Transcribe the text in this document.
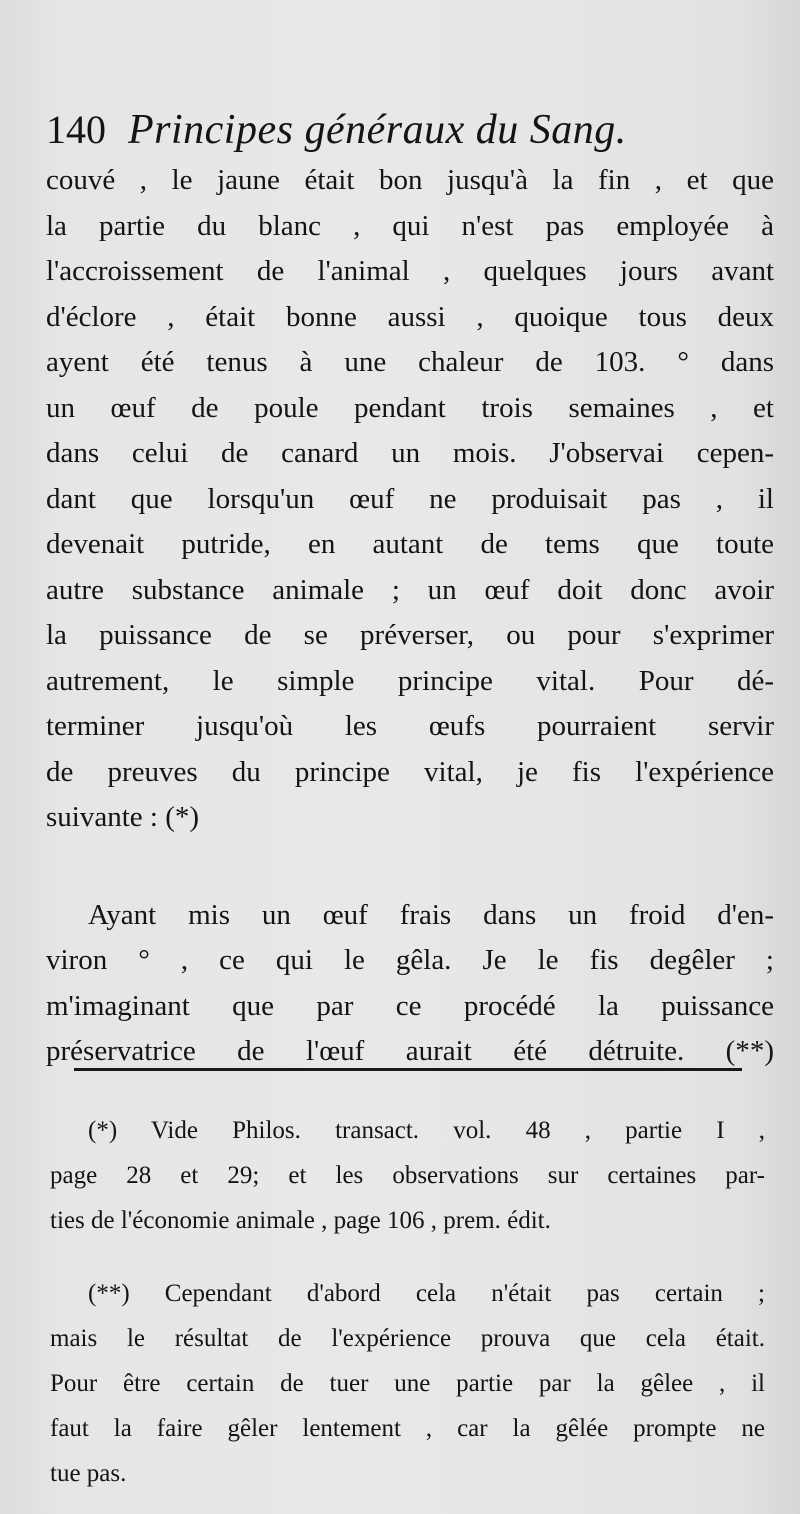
140 Principes généraux du Sang.
couvé , le jaune était bon jusqu'à la fin , et que
la partie du blanc , qui n'est pas employée à
l'accroissement de l'animal , quelques jours avant
d'éclore , était bonne aussi , quoique tous deux
ayent été tenus à une chaleur de 103. ° dans
un œuf de poule pendant trois semaines , et
dans celui de canard un mois. J'observai cepen-
dant que lorsqu'un œuf ne produisait pas , il
devenait putride, en autant de tems que toute
autre substance animale ; un œuf doit donc avoir
la puissance de se préverser, ou pour s'exprimer
autrement, le simple principe vital. Pour dé-
terminer jusqu'où les œufs pourraient servir
de preuves du principe vital, je fis l'expérience
suivante : (*)
Ayant mis un œuf frais dans un froid d'en-
viron ° , ce qui le gêla. Je le fis degêler ;
m'imaginant que par ce procédé la puissance
préservatrice de l'œuf aurait été détruite. (**)
(*) Vide Philos. transact. vol. 48 , partie I ,
page 28 et 29; et les observations sur certaines par-
ties de l'économie animale , page 106 , prem. édit.
(**) Cependant d'abord cela n'était pas certain ;
mais le résultat de l'expérience prouva que cela était.
Pour être certain de tuer une partie par la gêlee , il
faut la faire gêler lentement , car la gêlée prompte ne
tue pas.
